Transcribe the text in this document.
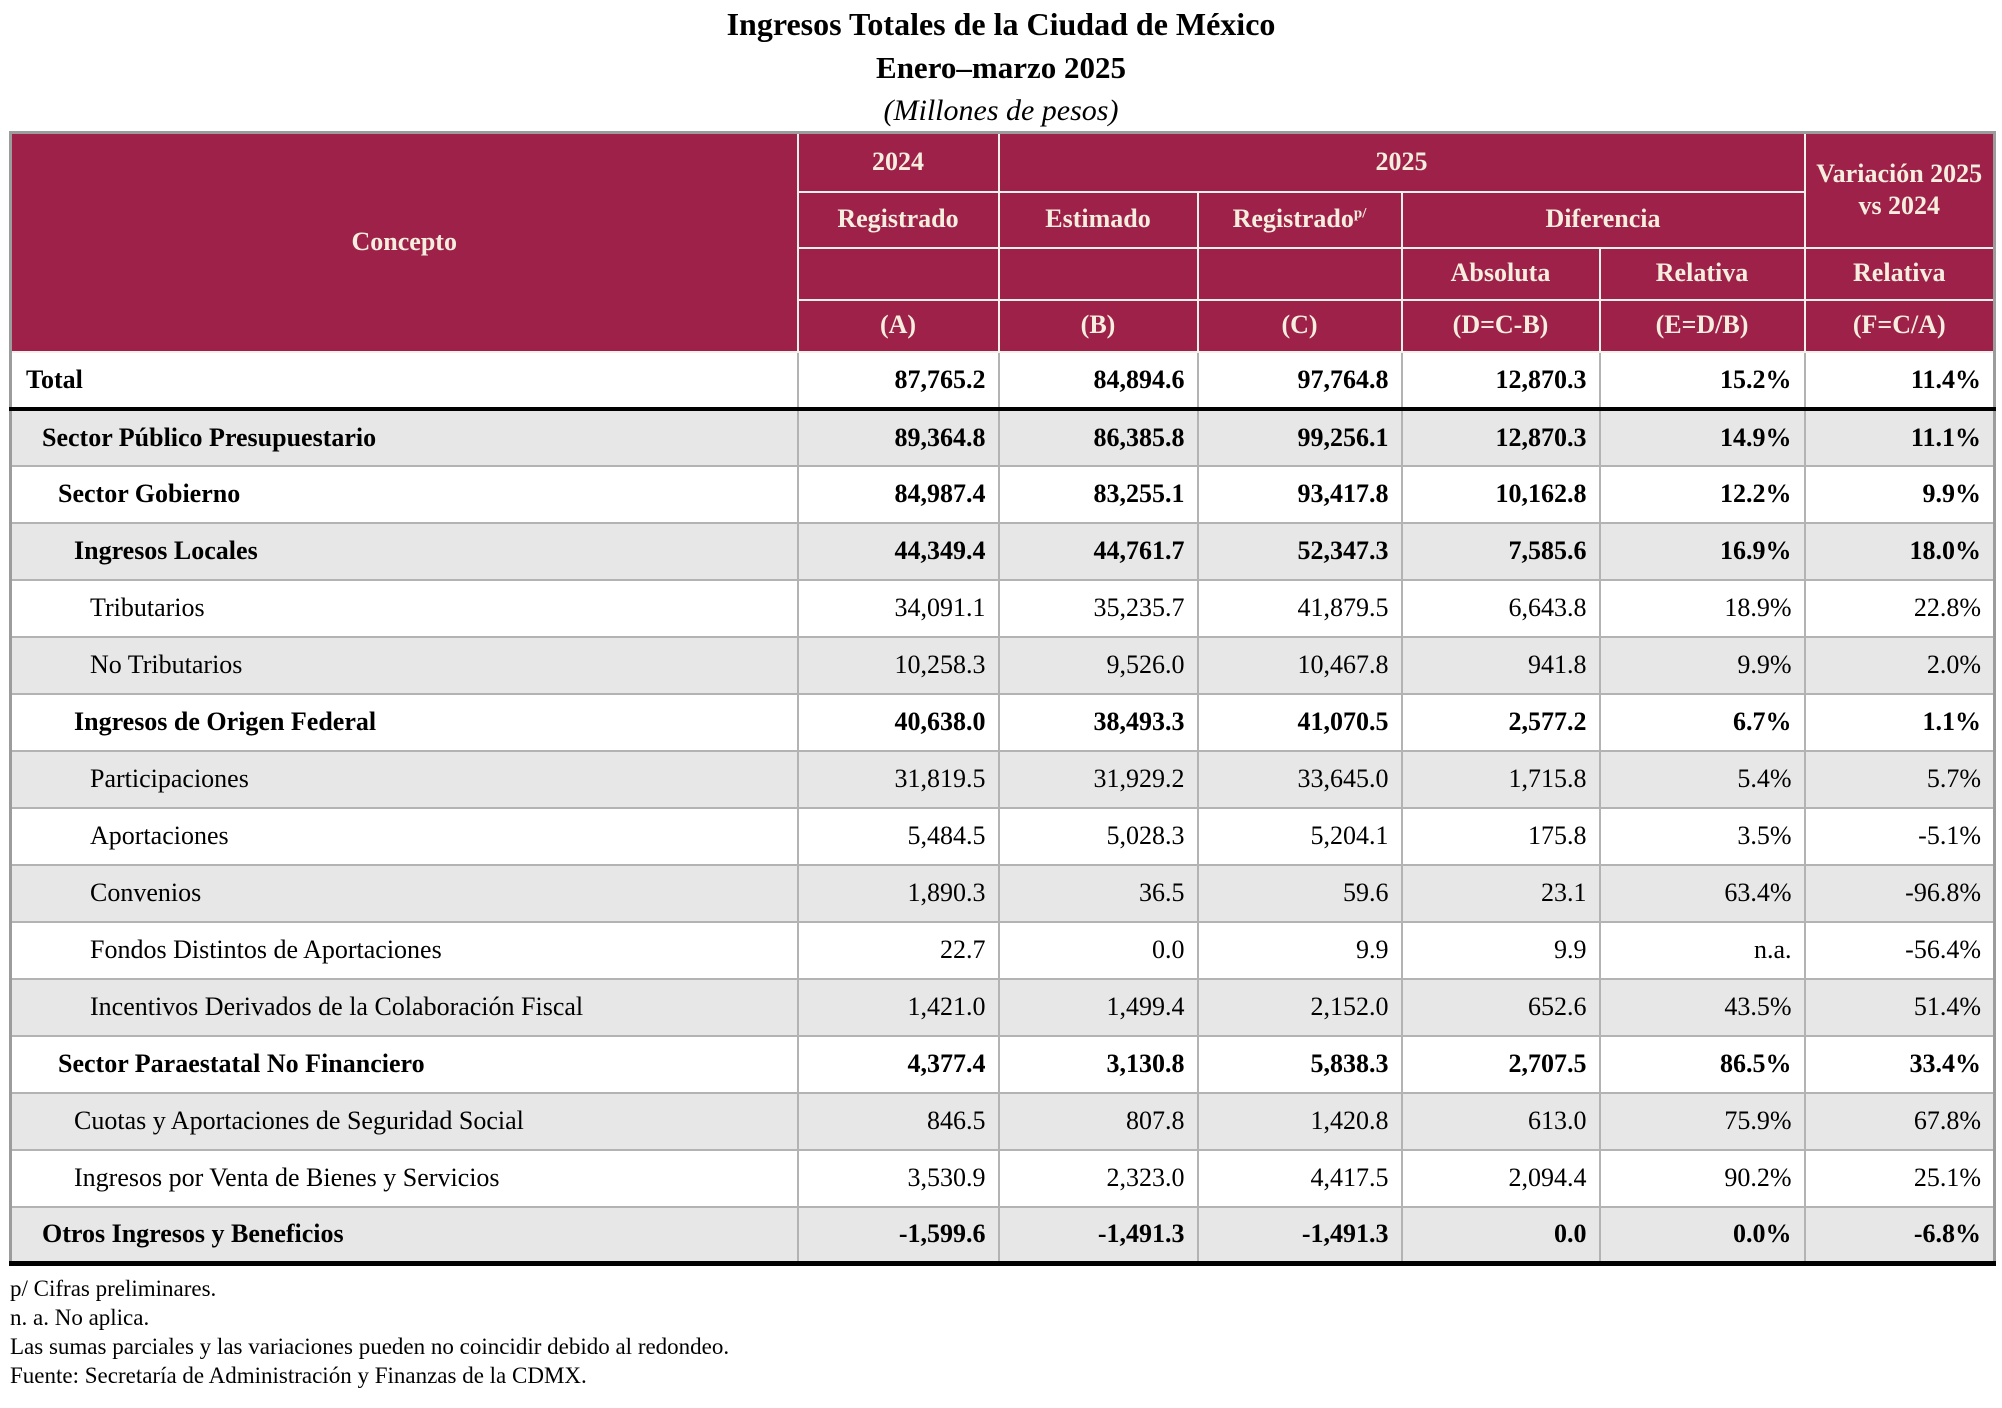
Ingresos Totales de la Ciudad de México
Enero–marzo 2025
(Millones de pesos)
Concepto	2024	2025				Variación 2025 vs 2024
	Registrado	Estimado	Registrado$^{p/}$	Diferencia		
				Absoluta	Relativa	Relativa
	(A)	(B)	(C)	(D=C-B)	(E=D/B)	(F=C/A)
Total	87,765.2	84,894.6	97,764.8	12,870.3	15.2%	11.4%
Sector Público Presupuestario	89,364.8	86,385.8	99,256.1	12,870.3	14.9%	11.1%
Sector Gobierno	84,987.4	83,255.1	93,417.8	10,162.8	12.2%	9.9%
Ingresos Locales	44,349.4	44,761.7	52,347.3	7,585.6	16.9%	18.0%
Tributarios	34,091.1	35,235.7	41,879.5	6,643.8	18.9%	22.8%
No Tributarios	10,258.3	9,526.0	10,467.8	941.8	9.9%	2.0%
Ingresos de Origen Federal	40,638.0	38,493.3	41,070.5	2,577.2	6.7%	1.1%
Participaciones	31,819.5	31,929.2	33,645.0	1,715.8	5.4%	5.7%
Aportaciones	5,484.5	5,028.3	5,204.1	175.8	3.5%	-5.1%
Convenios	1,890.3	36.5	59.6	23.1	63.4%	-96.8%
Fondos Distintos de Aportaciones	22.7	0.0	9.9	9.9	n.a.	-56.4%
Incentivos Derivados de la Colaboración Fiscal	1,421.0	1,499.4	2,152.0	652.6	43.5%	51.4%
Sector Paraestatal No Financiero	4,377.4	3,130.8	5,838.3	2,707.5	86.5%	33.4%
Cuotas y Aportaciones de Seguridad Social	846.5	807.8	1,420.8	613.0	75.9%	67.8%
Ingresos por Venta de Bienes y Servicios	3,530.9	2,323.0	4,417.5	2,094.4	90.2%	25.1%
Otros Ingresos y Beneficios	-1,599.6	-1,491.3	-1,491.3	0.0	0.0%	-6.8%
p/ Cifras preliminares.
n. a. No aplica.
Las sumas parciales y las variaciones pueden no coincidir debido al redondeo.
Fuente: Secretaría de Administración y Finanzas de la CDMX.
